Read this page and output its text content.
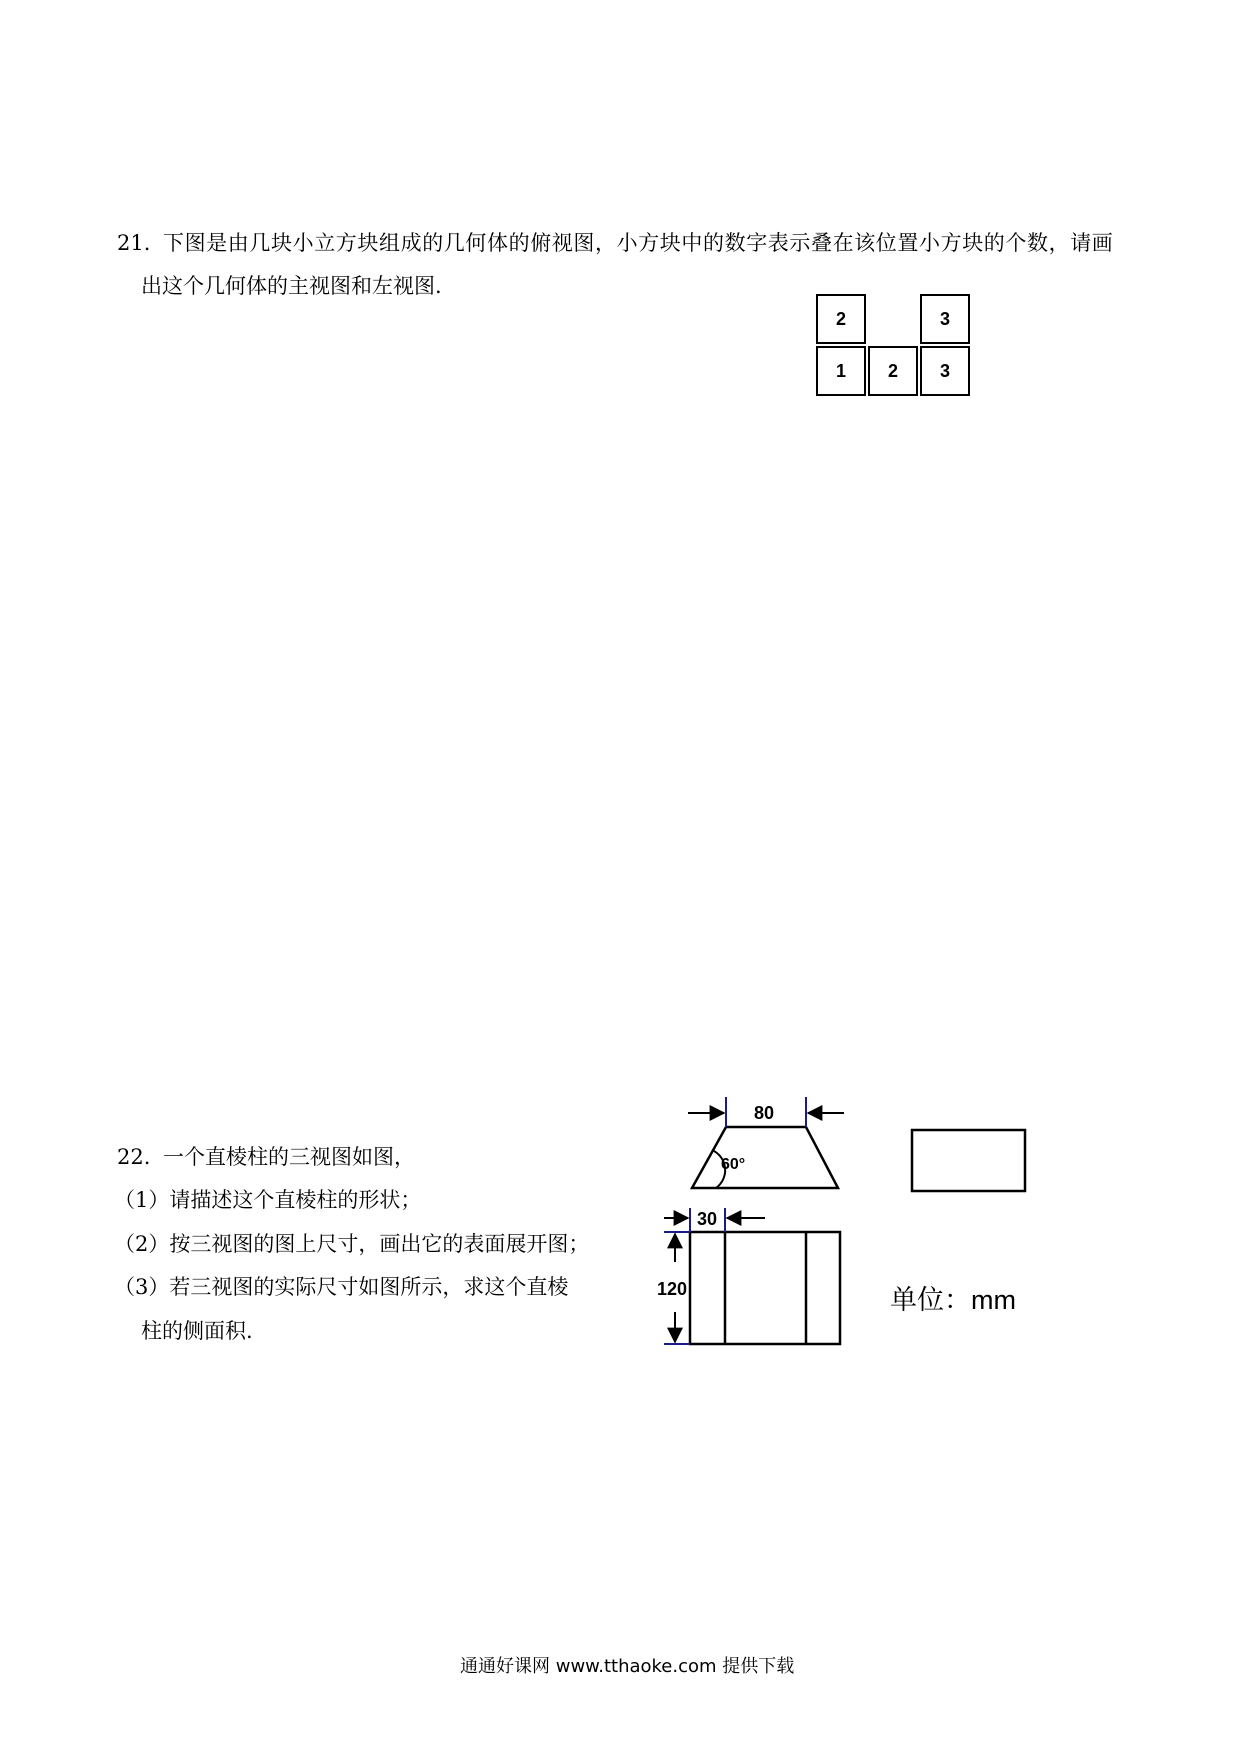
21. 下图是由几块小立方块组成的几何体的俯视图，小方块中的数字表示叠在该位置小方块的个数，请画
出这个几何体的主视图和左视图.
2	3
1 2 3
22. 一个直棱柱的三视图如图，
（1）请描述这个直棱柱的形状；
（2）按三视图的图上尺寸，画出它的表面展开图；
（3）若三视图的实际尺寸如图所示，求这个直棱
柱的侧面积.
80
60°
30
120	单位：mm
通通好课网 www.tthaoke.com 提供下载
